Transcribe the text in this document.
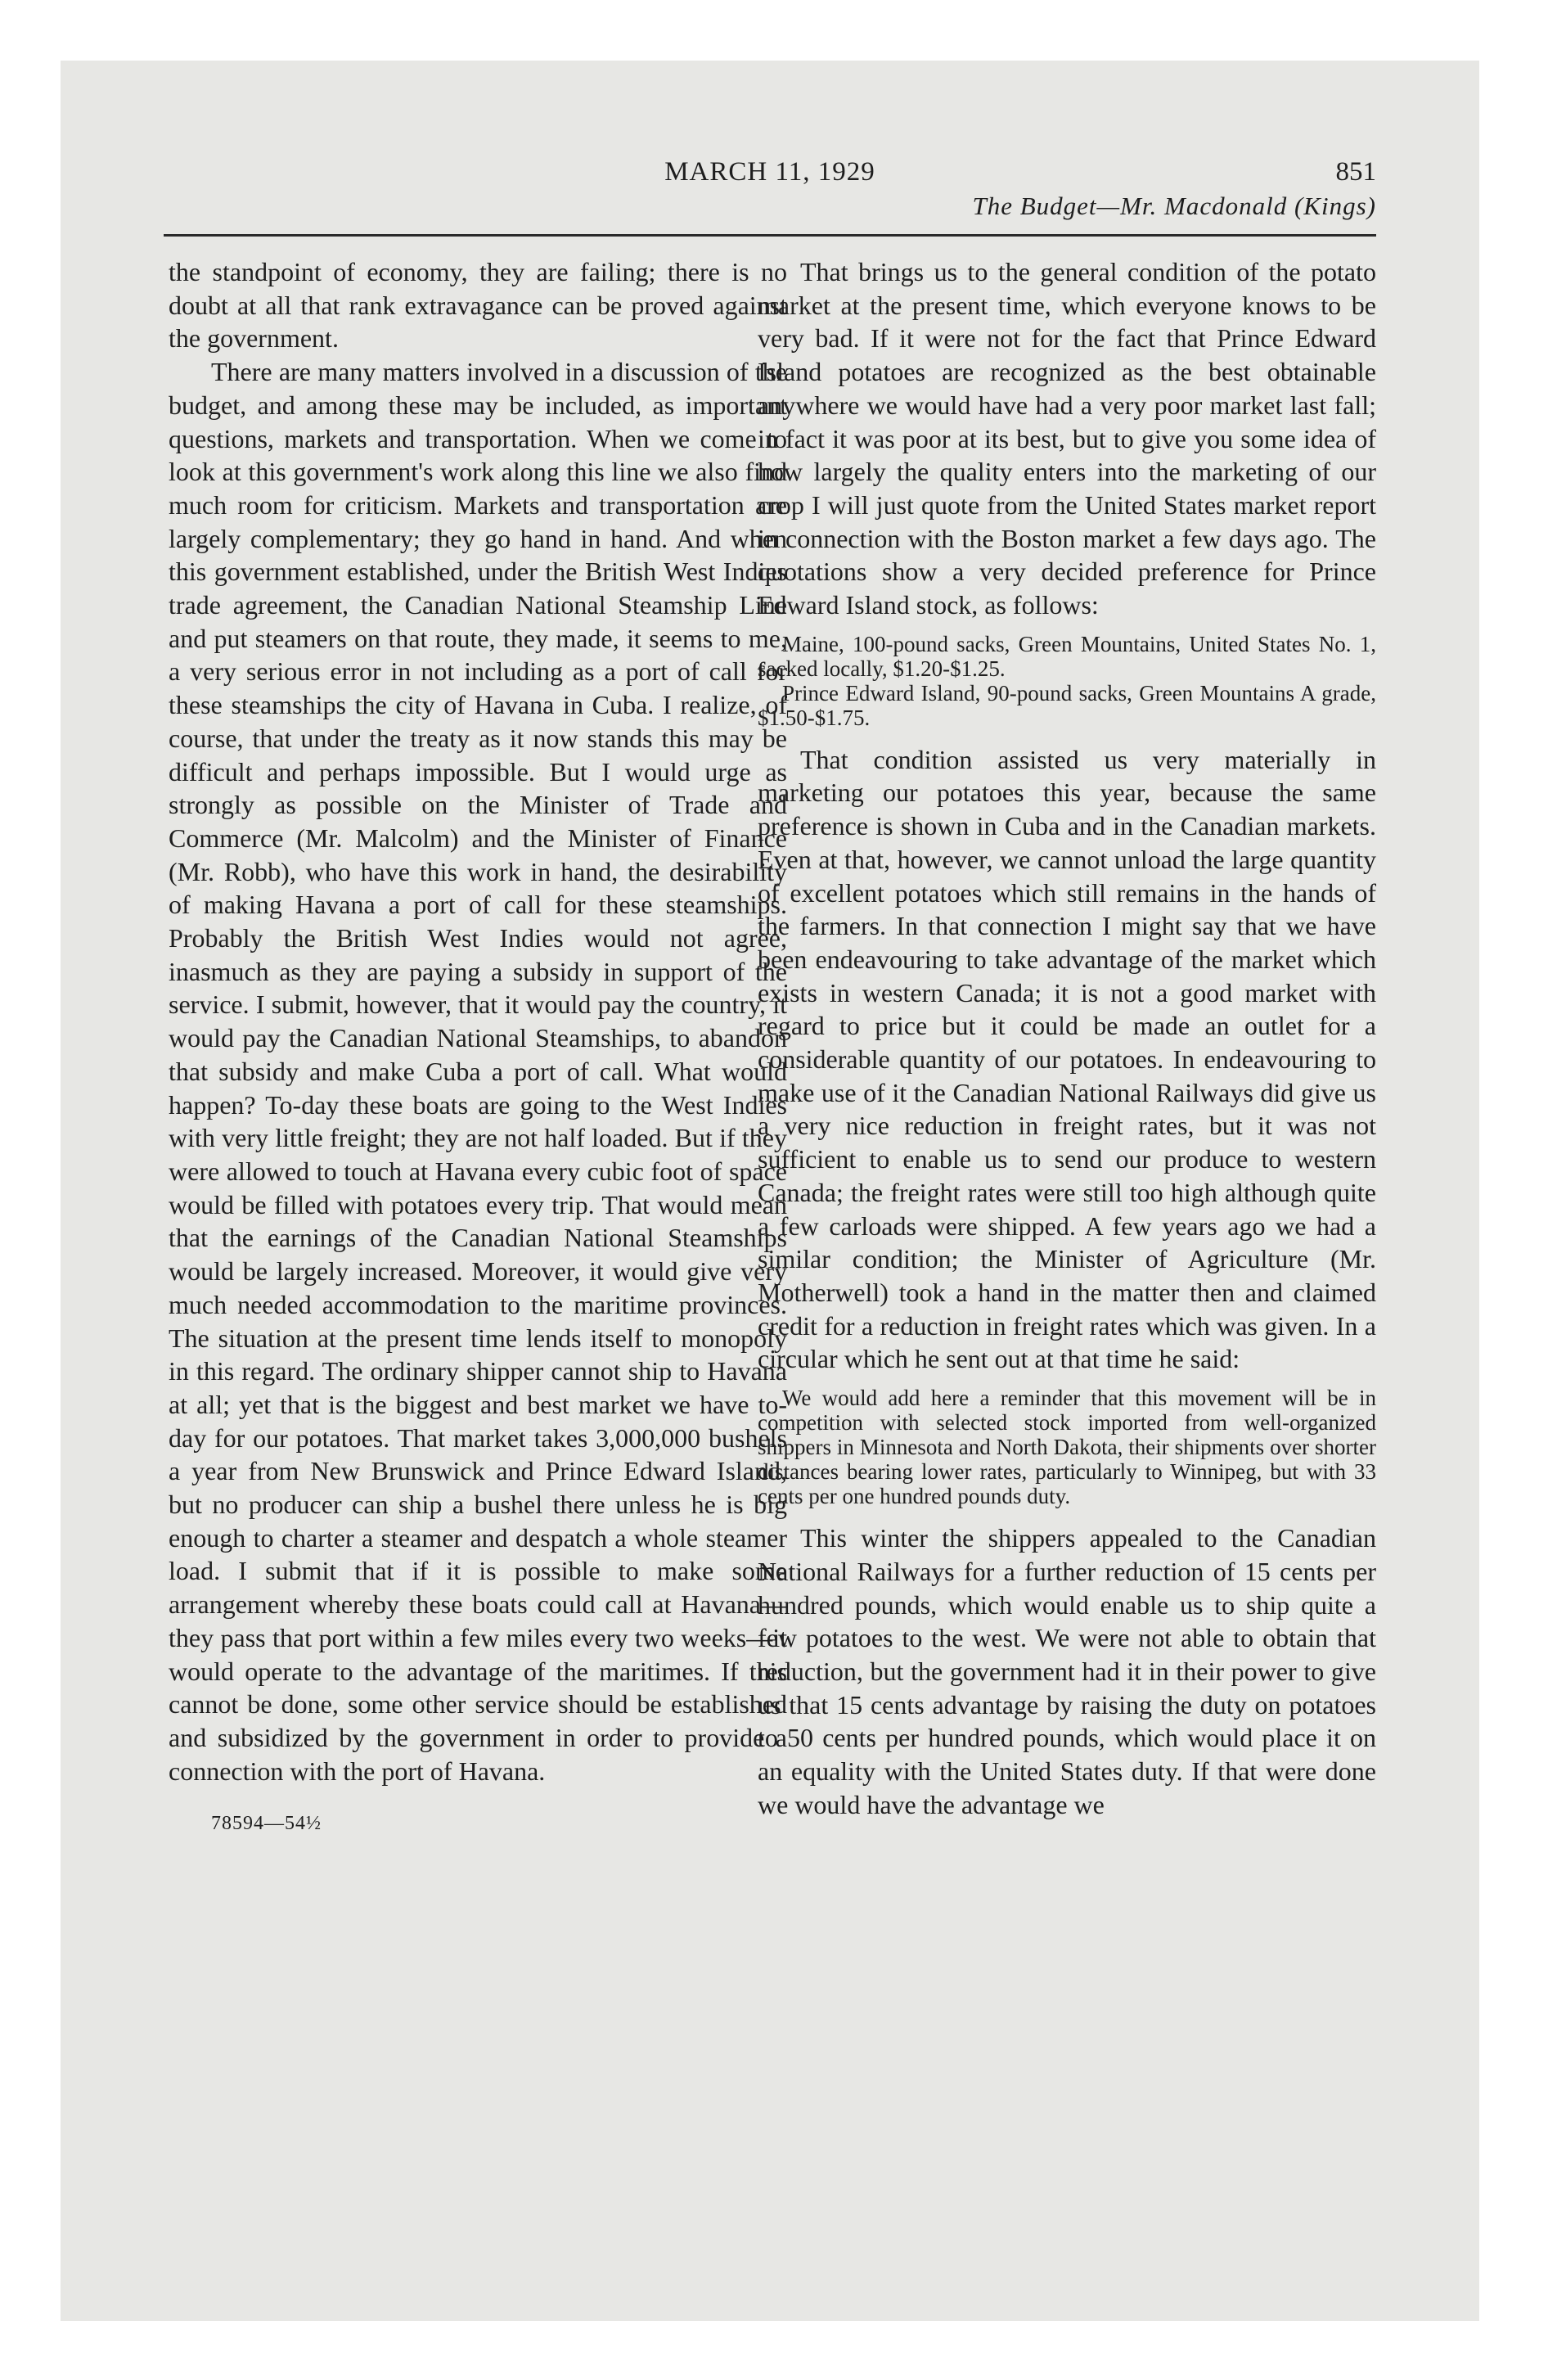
MARCH 11, 1929	851
The Budget—Mr. Macdonald (Kings)

the standpoint of economy, they are failing; there is no doubt at all that rank extravagance can be proved against the government.

There are many matters involved in a discussion of the budget, and among these may be included, as important questions, markets and transportation. When we come to look at this government's work along this line we also find much room for criticism. Markets and transportation are largely complementary; they go hand in hand. And when this government established, under the British West Indies trade agreement, the Canadian National Steamship Line and put steamers on that route, they made, it seems to me, a very serious error in not including as a port of call for these steamships the city of Havana in Cuba. I realize, of course, that under the treaty as it now stands this may be difficult and perhaps impossible. But I would urge as strongly as possible on the Minister of Trade and Commerce (Mr. Malcolm) and the Minister of Finance (Mr. Robb), who have this work in hand, the desirability of making Havana a port of call for these steamships. Probably the British West Indies would not agree, inasmuch as they are paying a subsidy in support of the service. I submit, however, that it would pay the country, it would pay the Canadian National Steamships, to abandon that subsidy and make Cuba a port of call. What would happen? To-day these boats are going to the West Indies with very little freight; they are not half loaded. But if they were allowed to touch at Havana every cubic foot of space would be filled with potatoes every trip. That would mean that the earnings of the Canadian National Steamships would be largely increased. Moreover, it would give very much needed accommodation to the maritime provinces. The situation at the present time lends itself to monopoly in this regard. The ordinary shipper cannot ship to Havana at all; yet that is the biggest and best market we have to-day for our potatoes. That market takes 3,000,000 bushels a year from New Brunswick and Prince Edward Island, but no producer can ship a bushel there unless he is big enough to charter a steamer and despatch a whole steamer load. I submit that if it is possible to make some arrangement whereby these boats could call at Havana—they pass that port within a few miles every two weeks—it would operate to the advantage of the maritimes. If this cannot be done, some other service should be established and subsidized by the government in order to provide a connection with the port of Havana.

78594—54½

That brings us to the general condition of the potato market at the present time, which everyone knows to be very bad. If it were not for the fact that Prince Edward Island potatoes are recognized as the best obtainable anywhere we would have had a very poor market last fall; in fact it was poor at its best, but to give you some idea of how largely the quality enters into the marketing of our crop I will just quote from the United States market report in connection with the Boston market a few days ago. The quotations show a very decided preference for Prince Edward Island stock, as follows:

Maine, 100-pound sacks, Green Mountains, United States No. 1, sacked locally, $1.20-$1.25.

Prince Edward Island, 90-pound sacks, Green Mountains A grade, $1.50-$1.75.

That condition assisted us very materially in marketing our potatoes this year, because the same preference is shown in Cuba and in the Canadian markets. Even at that, however, we cannot unload the large quantity of excellent potatoes which still remains in the hands of the farmers. In that connection I might say that we have been endeavouring to take advantage of the market which exists in western Canada; it is not a good market with regard to price but it could be made an outlet for a considerable quantity of our potatoes. In endeavouring to make use of it the Canadian National Railways did give us a very nice reduction in freight rates, but it was not sufficient to enable us to send our produce to western Canada; the freight rates were still too high although quite a few carloads were shipped. A few years ago we had a similar condition; the Minister of Agriculture (Mr. Motherwell) took a hand in the matter then and claimed credit for a reduction in freight rates which was given. In a circular which he sent out at that time he said:

We would add here a reminder that this movement will be in competition with selected stock imported from well-organized shippers in Minnesota and North Dakota, their shipments over shorter distances bearing lower rates, particularly to Winnipeg, but with 33 cents per one hundred pounds duty.

This winter the shippers appealed to the Canadian National Railways for a further reduction of 15 cents per hundred pounds, which would enable us to ship quite a few potatoes to the west. We were not able to obtain that reduction, but the government had it in their power to give us that 15 cents advantage by raising the duty on potatoes to 50 cents per hundred pounds, which would place it on an equality with the United States duty. If that were done we would have the advantage we
